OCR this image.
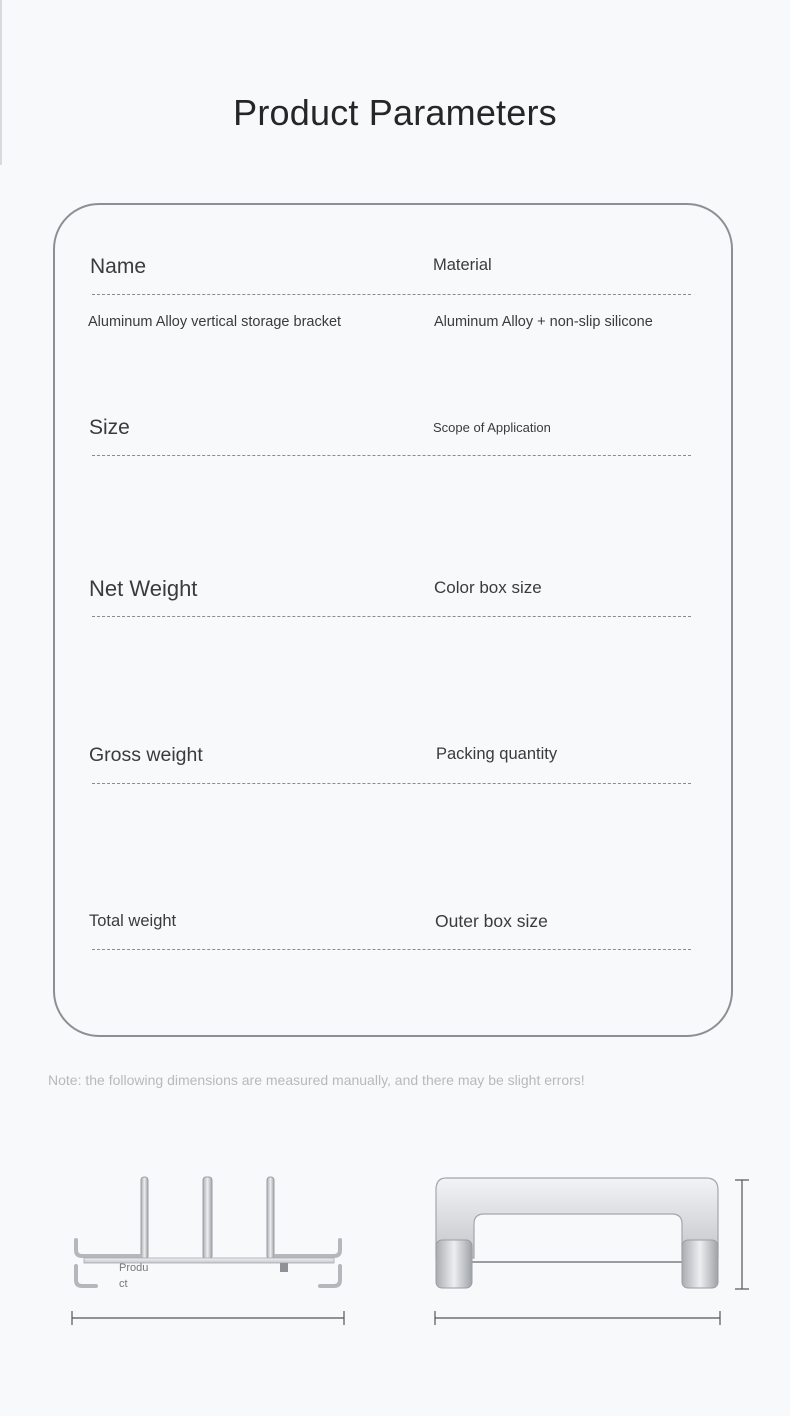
Product Parameters
Name	Material
Aluminum Alloy vertical storage bracket	Aluminum Alloy + non-slip silicone
Size	Scope of Application
Net Weight	Color box size
Gross weight	Packing quantity
Total weight	Outer box size
Note: the following dimensions are measured manually, and there may be slight errors!
Produ
ct
